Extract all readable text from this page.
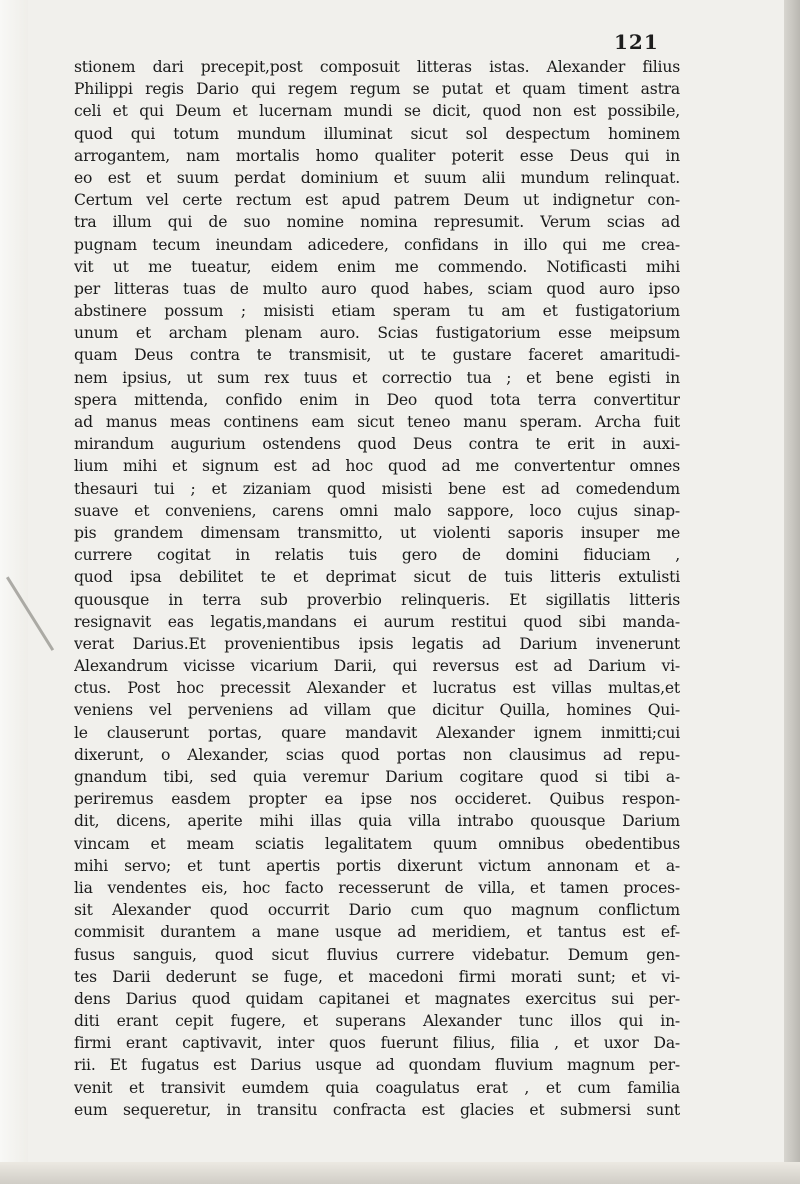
121
stionem dari precepit,post composuit litteras istas. Alexander filius
Philippi regis Dario qui regem regum se putat et quam timent astra
celi et qui Deum et lucernam mundi se dicit, quod non est possibile,
quod qui totum mundum illuminat sicut sol despectum hominem
arrogantem, nam mortalis homo qualiter poterit esse Deus qui in
eo est et suum perdat dominium et suum alii mundum relinquat.
Certum vel certe rectum est apud patrem Deum ut indignetur con-
tra illum qui de suo nomine nomina represumit. Verum scias ad
pugnam tecum ineundam adicedere, confidans in illo qui me crea-
vit ut me tueatur, eidem enim me commendo. Notificasti mihi
per litteras tuas de multo auro quod habes, sciam quod auro ipso
abstinere possum ; misisti etiam speram tu am et fustigatorium
unum et archam plenam auro. Scias fustigatorium esse meipsum
quam Deus contra te transmisit, ut te gustare faceret amaritudi-
nem ipsius, ut sum rex tuus et correctio tua ; et bene egisti in
spera mittenda, confido enim in Deo quod tota terra convertitur
ad manus meas continens eam sicut teneo manu speram. Archa fuit
mirandum augurium ostendens quod Deus contra te erit in auxi-
lium mihi et signum est ad hoc quod ad me convertentur omnes
thesauri tui ; et zizaniam quod misisti bene est ad comedendum
suave et conveniens, carens omni malo sappore, loco cujus sinap-
pis grandem dimensam transmitto, ut violenti saporis insuper me
currere cogitat in relatis tuis gero de domini fiduciam ,
quod ipsa debilitet te et deprimat sicut de tuis litteris extulisti
quousque in terra sub proverbio relinqueris. Et sigillatis litteris
resignavit eas legatis,mandans ei aurum restitui quod sibi manda-
verat Darius.Et provenientibus ipsis legatis ad Darium invenerunt
Alexandrum vicisse vicarium Darii, qui reversus est ad Darium vi-
ctus. Post hoc precessit Alexander et lucratus est villas multas,et
veniens vel perveniens ad villam que dicitur Quilla, homines Qui-
le clauserunt portas, quare mandavit Alexander ignem inmitti;cui
dixerunt, o Alexander, scias quod portas non clausimus ad repu-
gnandum tibi, sed quia veremur Darium cogitare quod si tibi a-
periremus easdem propter ea ipse nos occideret. Quibus respon-
dit, dicens, aperite mihi illas quia villa intrabo quousque Darium
vincam et meam sciatis legalitatem quum omnibus obedentibus
mihi servo; et tunt apertis portis dixerunt victum annonam et a-
lia vendentes eis, hoc facto recesserunt de villa, et tamen proces-
sit Alexander quod occurrit Dario cum quo magnum conflictum
commisit durantem a mane usque ad meridiem, et tantus est ef-
fusus sanguis, quod sicut fluvius currere videbatur. Demum gen-
tes Darii dederunt se fuge, et macedoni firmi morati sunt; et vi-
dens Darius quod quidam capitanei et magnates exercitus sui per-
diti erant cepit fugere, et superans Alexander tunc illos qui in-
firmi erant captivavit, inter quos fuerunt filius, filia , et uxor Da-
rii. Et fugatus est Darius usque ad quondam fluvium magnum per-
venit et transivit eumdem quia coagulatus erat , et cum familia
eum sequeretur, in transitu confracta est glacies et submersi sunt
